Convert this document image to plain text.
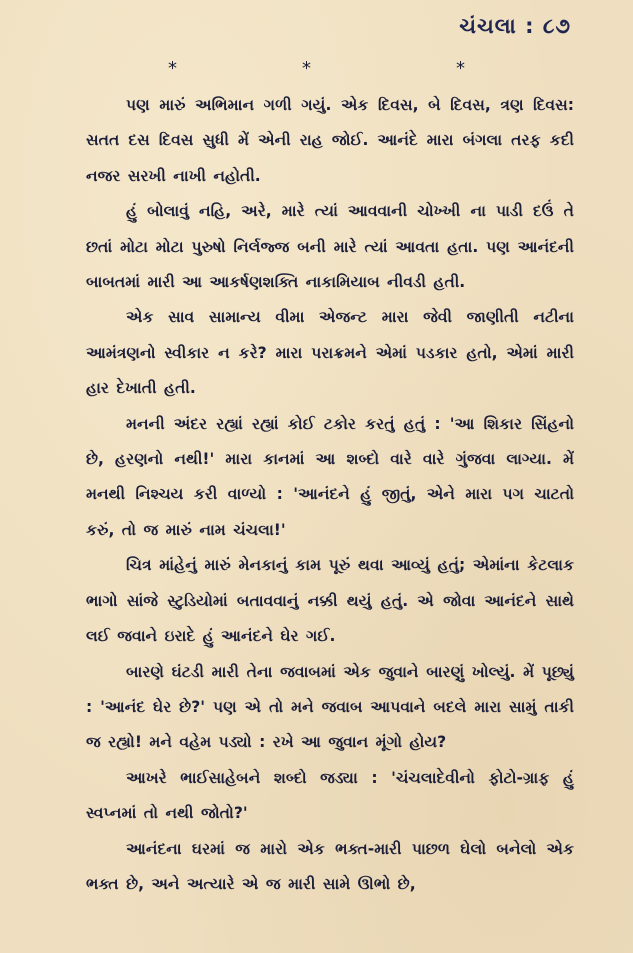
ચંચલા : ૮૭
*	*	*

પણ મારું અભિમાન ગળી ગયું. એક દિવસ, બે દિવસ, ત્રણ દિવસ: સતત દસ દિવસ સુધી મેં એની રાહ જોઈ. આનંદે મારા બંગલા તરફ કદી નજર સરખી નાખી નહોતી.

હું બોલાવું નહિ, અરે, મારે ત્યાં આવવાની ચોખ્ખી ના પાડી દઉં તે છતાં મોટા મોટા પુરુષો નિર્લજ્જ બની મારે ત્યાં આવતા હતા. પણ આનંદની બાબતમાં મારી આ આકર્ષણશક્તિ નાકામિયાબ નીવડી હતી.

એક સાવ સામાન્ય વીમા એજન્ટ મારા જેવી જાણીતી નટીના આમંત્રણનો સ્વીકાર ન કરે? મારા પરાક્રમને એમાં પડકાર હતો, એમાં મારી હાર દેખાતી હતી.

મનની અંદર રહ્યાં રહ્યાં કોઈ ટકોર કરતું હતું : 'આ શિકાર સિંહનો છે, હરણનો નથી!' મારા કાનમાં આ શબ્દો વારે વારે ગુંજવા લાગ્યા. મેં મનથી નિશ્ચય કરી વાળ્યો : 'આનંદને હું જીતું, એને મારા પગ ચાટતો કરું, તો જ મારું નામ ચંચલા!'

ચિત્ર માંહેનું મારું મેનકાનું કામ પૂરું થવા આવ્યું હતું; એમાંના કેટલાક ભાગો સાંજે સ્ટુડિયોમાં બતાવવાનું નક્કી થયું હતું. એ જોવા આનંદને સાથે લઈ જવાને ઇરાદે હું આનંદને ઘેર ગઈ.

બારણે ઘંટડી મારી તેના જવાબમાં એક જુવાને બારણું ખોલ્યું. મેં પૂછ્યું : 'આનંદ ઘેર છે?' પણ એ તો મને જવાબ આપવાને બદલે મારા સામું તાકી જ રહ્યો! મને વહેમ પડ્યો : રખે આ જુવાન મૂંગો હોય?

આખરે ભાઈસાહેબને શબ્દો જડ્યા : 'ચંચલાદેવીનો ફોટો-ગ્રાફ હું સ્વપ્નમાં તો નથી જોતો?'

આનંદના ઘરમાં જ મારો એક ભક્ત-મારી પાછળ ઘેલો બનેલો એક ભક્ત છે, અને અત્યારે એ જ મારી સામે ઊભો છે,
